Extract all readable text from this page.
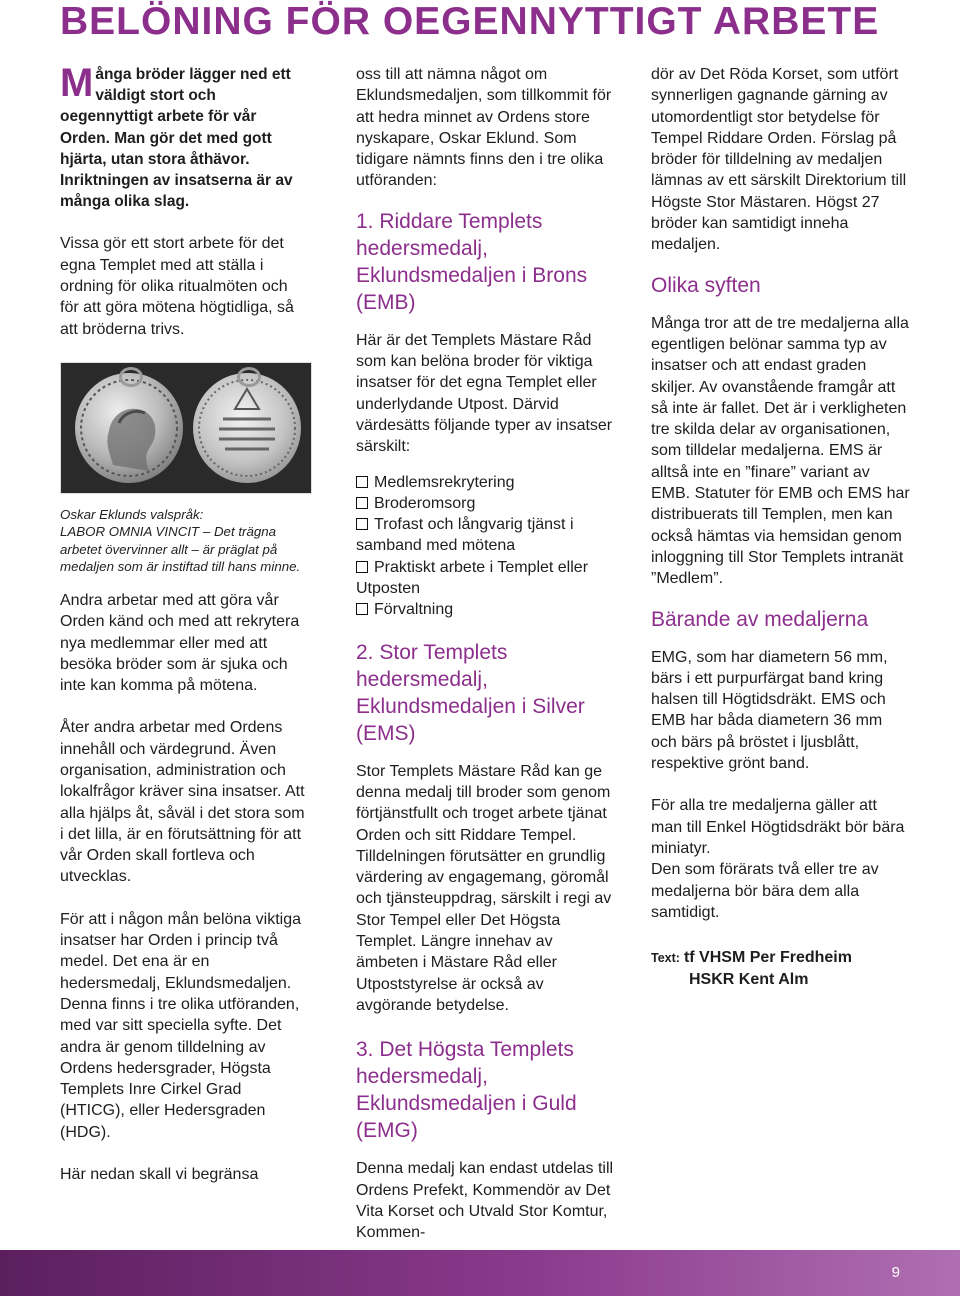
BELÖNING FÖR OEGENNYTTIGT ARBETE

Många bröder lägger ned ett väldigt stort och oegennyttigt arbete för vår Orden. Man gör det med gott hjärta, utan stora åthävor. Inriktningen av insatserna är av många olika slag.

Vissa gör ett stort arbete för det egna Templet med att ställa i ordning för olika ritualmöten och för att göra mötena högtidliga, så att bröderna trivs.

Oskar Eklunds valspråk:
LABOR OMNIA VINCIT – Det trägna arbetet övervinner allt – är präglat på medaljen som är instiftad till hans minne.

Andra arbetar med att göra vår Orden känd och med att rekrytera nya medlemmar eller med att besöka bröder som är sjuka och inte kan komma på mötena.

Åter andra arbetar med Ordens innehåll och värdegrund. Även organisation, administration och lokalfrågor kräver sina insatser. Att alla hjälps åt, såväl i det stora som i det lilla, är en förutsättning för att vår Orden skall fortleva och utvecklas.

För att i någon mån belöna viktiga insatser har Orden i princip två medel. Det ena är en hedersmedalj, Eklundsmedaljen. Denna finns i tre olika utföranden, med var sitt speciella syfte. Det andra är genom tilldelning av Ordens hedersgrader, Högsta Templets Inre Cirkel Grad (HTICG), eller Hedersgraden (HDG).

Här nedan skall vi begränsa

oss till att nämna något om Eklundsmedaljen, som tillkommit för att hedra minnet av Ordens store nyskapare, Oskar Eklund. Som tidigare nämnts finns den i tre olika utföranden:

1. Riddare Templets hedersmedalj, Eklundsmedaljen i Brons (EMB)

Här är det Templets Mästare Råd som kan belöna broder för viktiga insatser för det egna Templet eller underlydande Utpost. Därvid värdesätts följande typer av insatser särskilt:

Medlemsrekrytering
Broderomsorg
Trofast och långvarig tjänst i samband med mötena
Praktiskt arbete i Templet eller Utposten
Förvaltning
2. Stor Templets hedersmedalj, Eklundsmedaljen i Silver (EMS)

Stor Templets Mästare Råd kan ge denna medalj till broder som genom förtjänstfullt och troget arbete tjänat Orden och sitt Riddare Tempel. Tilldelningen förutsätter en grundlig värdering av engagemang, göromål och tjänsteuppdrag, särskilt i regi av Stor Tempel eller Det Högsta Templet. Längre innehav av ämbeten i Mästare Råd eller Utpoststyrelse är också av avgörande betydelse.

3. Det Högsta Templets hedersmedalj, Eklundsmedaljen i Guld (EMG)

Denna medalj kan endast utdelas till Ordens Prefekt, Kommendör av Det Vita Korset och Utvald Stor Komtur, Kommen-

dör av Det Röda Korset, som utfört synnerligen gagnande gärning av utomordentligt stor betydelse för Tempel Riddare Orden. Förslag på bröder för tilldelning av medaljen lämnas av ett särskilt Direktorium till Högste Stor Mästaren. Högst 27 bröder kan samtidigt inneha medaljen.

Olika syften

Många tror att de tre medaljerna alla egentligen belönar samma typ av insatser och att endast graden skiljer. Av ovanstående framgår att så inte är fallet. Det är i verkligheten tre skilda delar av organisationen, som tilldelar medaljerna. EMS är alltså inte en ”finare” variant av EMB. Statuter för EMB och EMS har distribuerats till Templen, men kan också hämtas via hemsidan genom inloggning till Stor Templets intranät ”Medlem”.

Bärande av medaljerna

EMG, som har diametern 56 mm, bärs i ett purpurfärgat band kring halsen till Högtidsdräkt. EMS och EMB har båda diametern 36 mm och bärs på bröstet i ljusblått, respektive grönt band.

För alla tre medaljerna gäller att man till Enkel Högtidsdräkt bör bära miniatyr.

Den som förärats två eller tre av medaljerna bör bära dem alla samtidigt.

Text: tf VHSM Per Fredheim
HSKR Kent Alm
9
